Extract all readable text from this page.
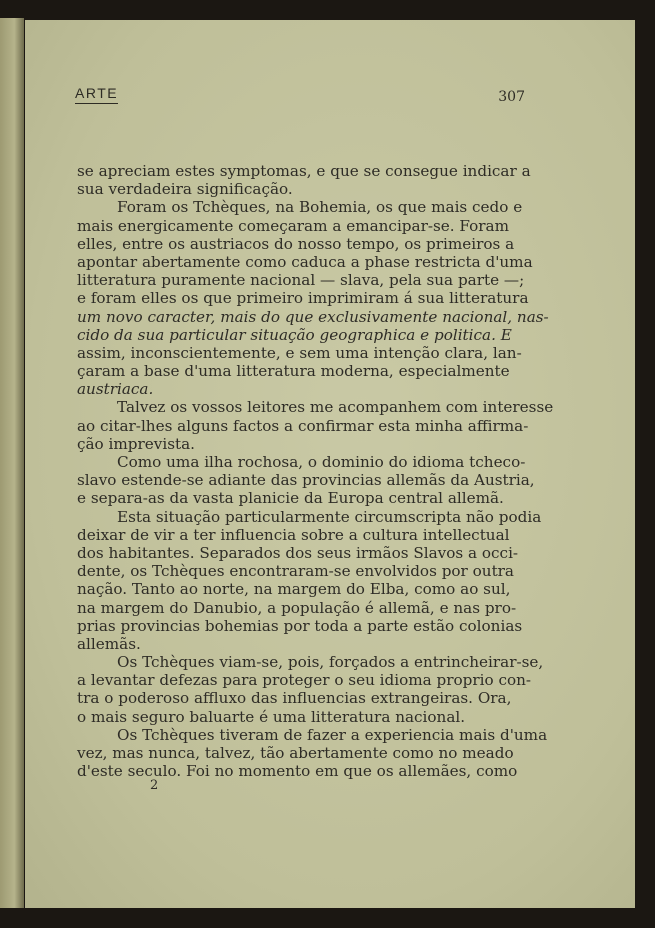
ARTE	307
se apreciam estes symptomas, e que se consegue indicar a
sua verdadeira significação.
Foram os Tchèques, na Bohemia, os que mais cedo e
mais energicamente começaram a emancipar-se. Foram
elles, entre os austriacos do nosso tempo, os primeiros a
apontar abertamente como caduca a phase restricta d'uma
litteratura puramente nacional — slava, pela sua parte —;
e foram elles os que primeiro imprimiram á sua litteratura
um novo caracter, mais do que exclusivamente nacional, nas-
cido da sua particular situação geographica e politica. E
assim, inconscientemente, e sem uma intenção clara, lan-
çaram a base d'uma litteratura moderna, especialmente
austriaca.
Talvez os vossos leitores me acompanhem com interesse
ao citar-lhes alguns factos a confirmar esta minha affirma-
ção imprevista.
Como uma ilha rochosa, o dominio do idioma tcheco-
slavo estende-se adiante das provincias allemãs da Austria,
e separa-as da vasta planicie da Europa central allemã.
Esta situação particularmente circumscripta não podia
deixar de vir a ter influencia sobre a cultura intellectual
dos habitantes. Separados dos seus irmãos Slavos a occi-
dente, os Tchèques encontraram-se envolvidos por outra
nação. Tanto ao norte, na margem do Elba, como ao sul,
na margem do Danubio, a população é allemã, e nas pro-
prias provincias bohemias por toda a parte estão colonias
allemãs.
Os Tchèques viam-se, pois, forçados a entrincheirar-se,
a levantar defezas para proteger o seu idioma proprio con-
tra o poderoso affluxo das influencias extrangeiras. Ora,
o mais seguro baluarte é uma litteratura nacional.
Os Tchèques tiveram de fazer a experiencia mais d'uma
vez, mas nunca, talvez, tão abertamente como no meado
d'este seculo. Foi no momento em que os allemães, como
2
